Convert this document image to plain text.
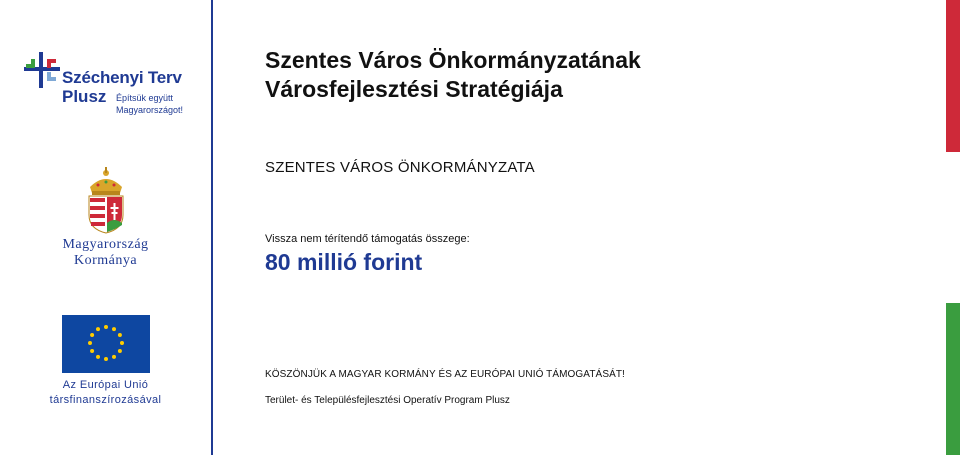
Széchenyi Terv
Plusz Építsük együtt
Magyarországot!
Magyarország
Kormánya
Az Európai Unió
társfinanszírozásával
Szentes Város Önkormányzatának
Városfejlesztési Stratégiája
SZENTES VÁROS ÖNKORMÁNYZATA
Vissza nem térítendő támogatás összege:
80 millió forint
KÖSZÖNJÜK A MAGYAR KORMÁNY ÉS AZ EURÓPAI UNIÓ TÁMOGATÁSÁT!
Terület- és Településfejlesztési Operatív Program Plusz
